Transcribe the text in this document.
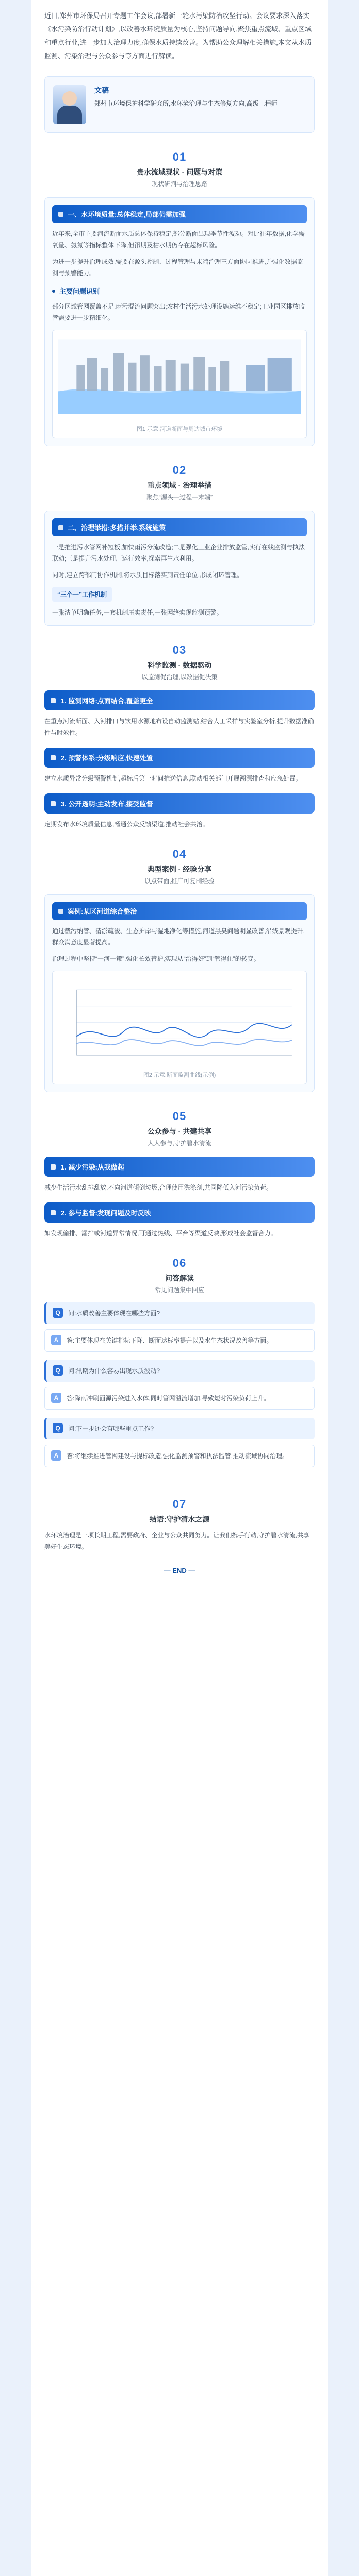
近日,郑州市环保局召开专题工作会议,部署新一轮水污染防治攻坚行动。会议要求深入落实《水污染防治行动计划》,以改善水环境质量为核心,坚持问题导向,聚焦重点流域、重点区域和重点行业,进一步加大治理力度,确保水质持续改善。为帮助公众理解相关措施,本文从水质监测、污染治理与公众参与等方面进行解读。
文稿
郑州市环境保护科学研究所,水环境治理与生态修复方向,高级工程师
01
贵水流域现状 · 问题与对策
现状研判与治理思路
一、水环境质量:总体稳定,局部仍需加强
近年来,全市主要河流断面水质总体保持稳定,部分断面出现季节性波动。对比往年数据,化学需氧量、氨氮等指标整体下降,但汛期及枯水期仍存在超标风险。
为进一步提升治理成效,需要在源头控制、过程管理与末端治理三方面协同推进,并强化数据监测与预警能力。
主要问题识别
部分区域管网覆盖不足,雨污混流问题突出;农村生活污水处理设施运维不稳定;工业园区排放监管需要进一步精细化。
图1 示意:河道断面与周边城市环境
02
重点领域 · 治理举措
聚焦“源头—过程—末端”
二、治理举措:多措并举,系统施策
一是推进污水管网补短板,加快雨污分流改造;二是强化工业企业排放监管,实行在线监测与执法联动;三是提升污水处理厂运行效率,探索再生水利用。
同时,建立跨部门协作机制,将水质目标落实到责任单位,形成闭环管理。
“三个一”工作机制
一张清单明确任务,一套机制压实责任,一张网络实现监测预警。
03
科学监测 · 数据驱动
以监测促治理,以数据促决策
1. 监测网络:点面结合,覆盖更全
在重点河流断面、入河排口与饮用水源地布设自动监测站,结合人工采样与实验室分析,提升数据准确性与时效性。
2. 预警体系:分级响应,快速处置
建立水质异常分级预警机制,超标后第一时间推送信息,联动相关部门开展溯源排查和应急处置。
3. 公开透明:主动发布,接受监督
定期发布水环境质量信息,畅通公众反馈渠道,推动社会共治。
04
典型案例 · 经验分享
以点带面,推广可复制经验
案例:某区河道综合整治
通过截污纳管、清淤疏浚、生态护岸与湿地净化等措施,河道黑臭问题明显改善,沿线景观提升,群众满意度显著提高。
治理过程中坚持“一河一策”,强化长效管护,实现从“治得好”到“管得住”的转变。
图2 示意:断面监测曲线(示例)
05
公众参与 · 共建共享
人人参与,守护碧水清流
1. 减少污染:从我做起
减少生活污水乱排乱放,不向河道倾倒垃圾,合理使用洗涤剂,共同降低入河污染负荷。
2. 参与监督:发现问题及时反映
如发现偷排、漏排或河道异常情况,可通过热线、平台等渠道反映,形成社会监督合力。
06
问答解读
常见问题集中回应
Q	问:水质改善主要体现在哪些方面?
A	答:主要体现在关键指标下降、断面达标率提升以及水生态状况改善等方面。
Q	问:汛期为什么容易出现水质波动?
A	答:降雨冲刷面源污染进入水体,同时管网溢流增加,导致短时污染负荷上升。
Q	问:下一步还会有哪些重点工作?
A	答:将继续推进管网建设与提标改造,强化监测预警和执法监管,推动流域协同治理。
07
结语:守护清水之源
水环境治理是一项长期工程,需要政府、企业与公众共同努力。让我们携手行动,守护碧水清流,共享美好生态环境。
— END —
